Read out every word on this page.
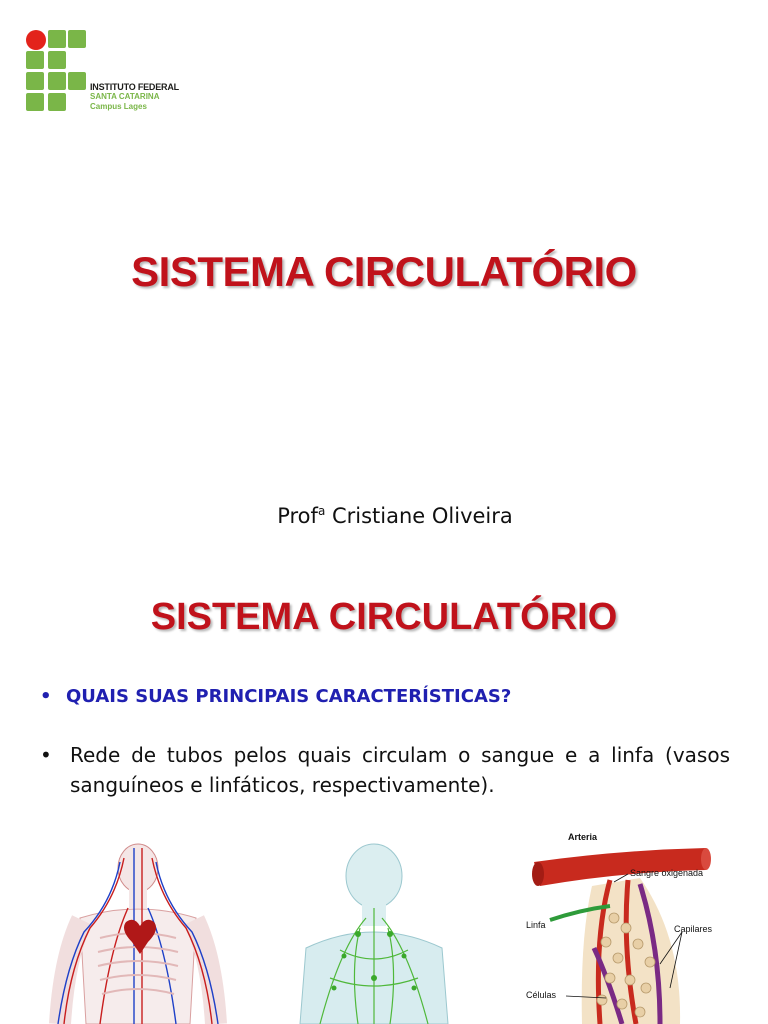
INSTITUTO FEDERAL
SANTA CATARINA
Campus Lages
SISTEMA CIRCULATÓRIO
Prof$^a$ Cristiane Oliveira
SISTEMA CIRCULATÓRIO
• QUAIS SUAS PRINCIPAIS CARACTERÍSTICAS?
• Rede de tubos pelos quais circulam o sangue e a linfa (vasos sanguíneos e linfáticos, respectivamente).
Arteria
Sangre oxigenada
Linfa	Capilares
Células
